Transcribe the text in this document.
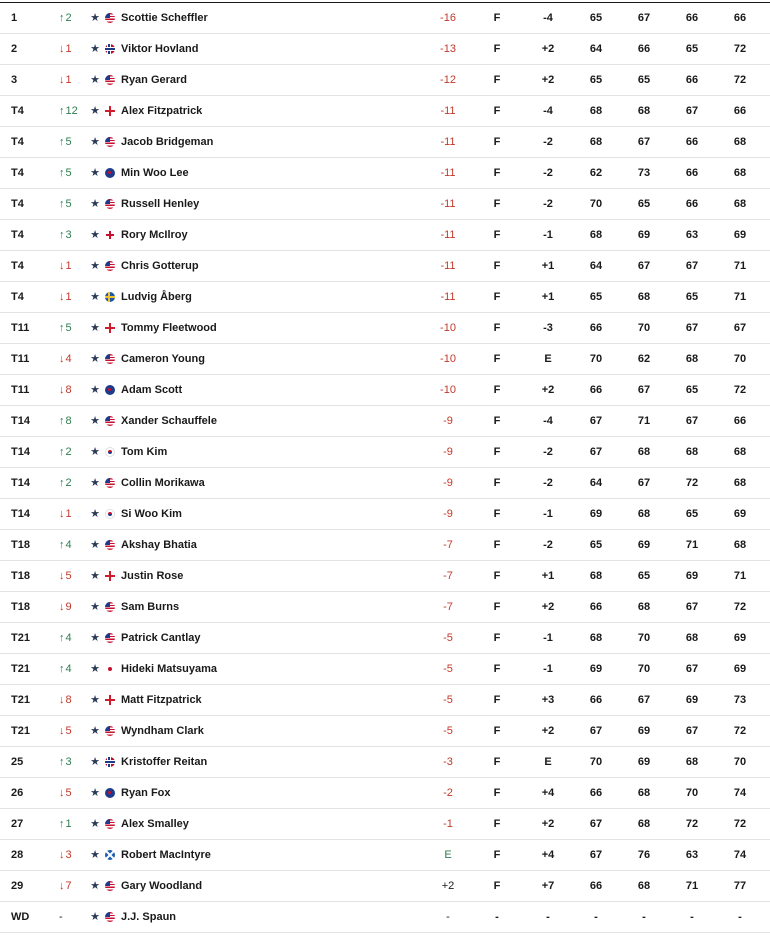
1	↑2	★ Scottie Scheffler	-16	F	-4	65	67	66	66
2	↓1	★ Viktor Hovland	-13	F	+2	64	66	65	72
3	↓1	★ Ryan Gerard	-12	F	+2	65	65	66	72
T4	↑12	★ Alex Fitzpatrick	-11	F	-4	68	68	67	66
T4	↑5	★ Jacob Bridgeman	-11	F	-2	68	67	66	68
T4	↑5	★ Min Woo Lee	-11	F	-2	62	73	66	68
T4	↑5	★ Russell Henley	-11	F	-2	70	65	66	68
T4	↑3	★ Rory McIlroy	-11	F	-1	68	69	63	69
T4	↓1	★ Chris Gotterup	-11	F	+1	64	67	67	71
T4	↓1	★ Ludvig Åberg	-11	F	+1	65	68	65	71
T11	↑5	★ Tommy Fleetwood	-10	F	-3	66	70	67	67
T11	↓4	★ Cameron Young	-10	F	E	70	62	68	70
T11	↓8	★ Adam Scott	-10	F	+2	66	67	65	72
T14	↑8	★ Xander Schauffele	-9	F	-4	67	71	67	66
T14	↑2	★ Tom Kim	-9	F	-2	67	68	68	68
T14	↑2	★ Collin Morikawa	-9	F	-2	64	67	72	68
T14	↓1	★ Si Woo Kim	-9	F	-1	69	68	65	69
T18	↑4	★ Akshay Bhatia	-7	F	-2	65	69	71	68
T18	↓5	★ Justin Rose	-7	F	+1	68	65	69	71
T18	↓9	★ Sam Burns	-7	F	+2	66	68	67	72
T21	↑4	★ Patrick Cantlay	-5	F	-1	68	70	68	69
T21	↑4	★ Hideki Matsuyama	-5	F	-1	69	70	67	69
T21	↓8	★ Matt Fitzpatrick	-5	F	+3	66	67	69	73
T21	↓5	★ Wyndham Clark	-5	F	+2	67	69	67	72
25	↑3	★ Kristoffer Reitan	-3	F	E	70	69	68	70
26	↓5	★ Ryan Fox	-2	F	+4	66	68	70	74
27	↑1	★ Alex Smalley	-1	F	+2	67	68	72	72
28	↓3	★ Robert MacIntyre	E	F	+4	67	76	63	74
29	↓7	★ Gary Woodland	+2	F	+7	66	68	71	77
WD	-	★ J.J. Spaun	-	-	-	-	-	-	-
